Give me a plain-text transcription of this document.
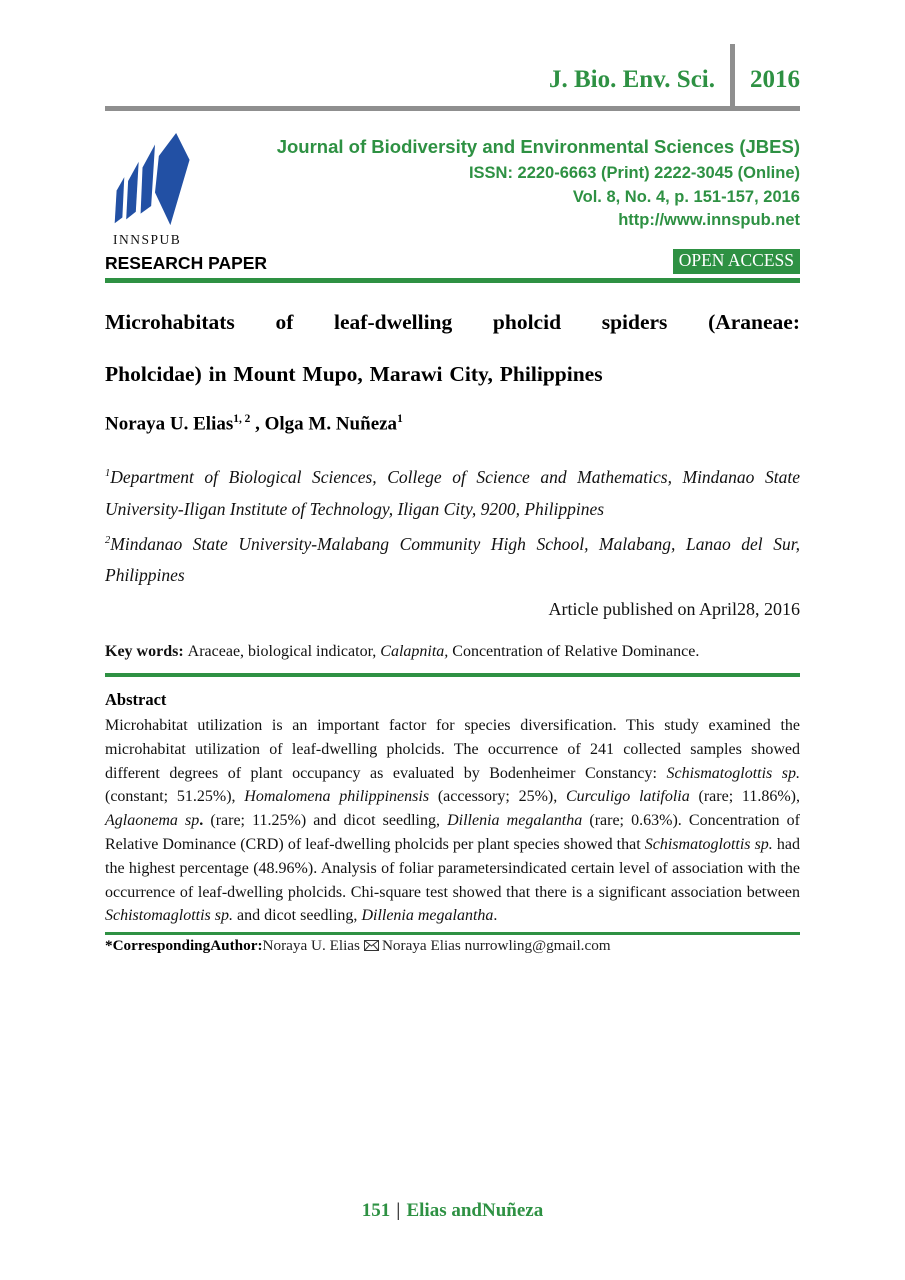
J. Bio. Env. Sci.	2016
INNSPUB
Journal of Biodiversity and Environmental Sciences (JBES)
ISSN: 2220-6663 (Print) 2222-3045 (Online)
Vol. 8, No. 4, p. 151-157, 2016
http://www.innspub.net
RESEARCH PAPER	OPEN ACCESS
Microhabitats of leaf-dwelling pholcid spiders (Araneae:
Pholcidae) in Mount Mupo, Marawi City, Philippines
Noraya U. Elias$^{1, 2}$ , Olga M. Nuñeza$^1$

$^1$Department of Biological Sciences, College of Science and Mathematics, Mindanao State University-Iligan Institute of Technology, Iligan City, 9200, Philippines

$^2$Mindanao State University-Malabang Community High School, Malabang, Lanao del Sur, Philippines

Article published on April28, 2016
Key words: Araceae, biological indicator, Calapnita, Concentration of Relative Dominance.
Abstract
Microhabitat utilization is an important factor for species diversification. This study examined the microhabitat utilization of leaf-dwelling pholcids. The occurrence of 241 collected samples showed different degrees of plant occupancy as evaluated by Bodenheimer Constancy: Schismatoglottis sp. (constant; 51.25%), Homalomena philippinensis (accessory; 25%), Curculigo latifolia (rare; 11.86%), Aglaonema sp. (rare; 11.25%) and dicot seedling, Dillenia megalantha (rare; 0.63%). Concentration of Relative Dominance (CRD) of leaf-dwelling pholcids per plant species showed that Schismatoglottis sp. had the highest percentage (48.96%). Analysis of foliar parametersindicated certain level of association with the occurrence of leaf-dwelling pholcids. Chi-square test showed that there is a significant association between Schistomaglottis sp. and dicot seedling, Dillenia megalantha.
*CorrespondingAuthor:Noraya U. Elias Noraya Elias nurrowling@gmail.com
151 | Elias andNuñeza
